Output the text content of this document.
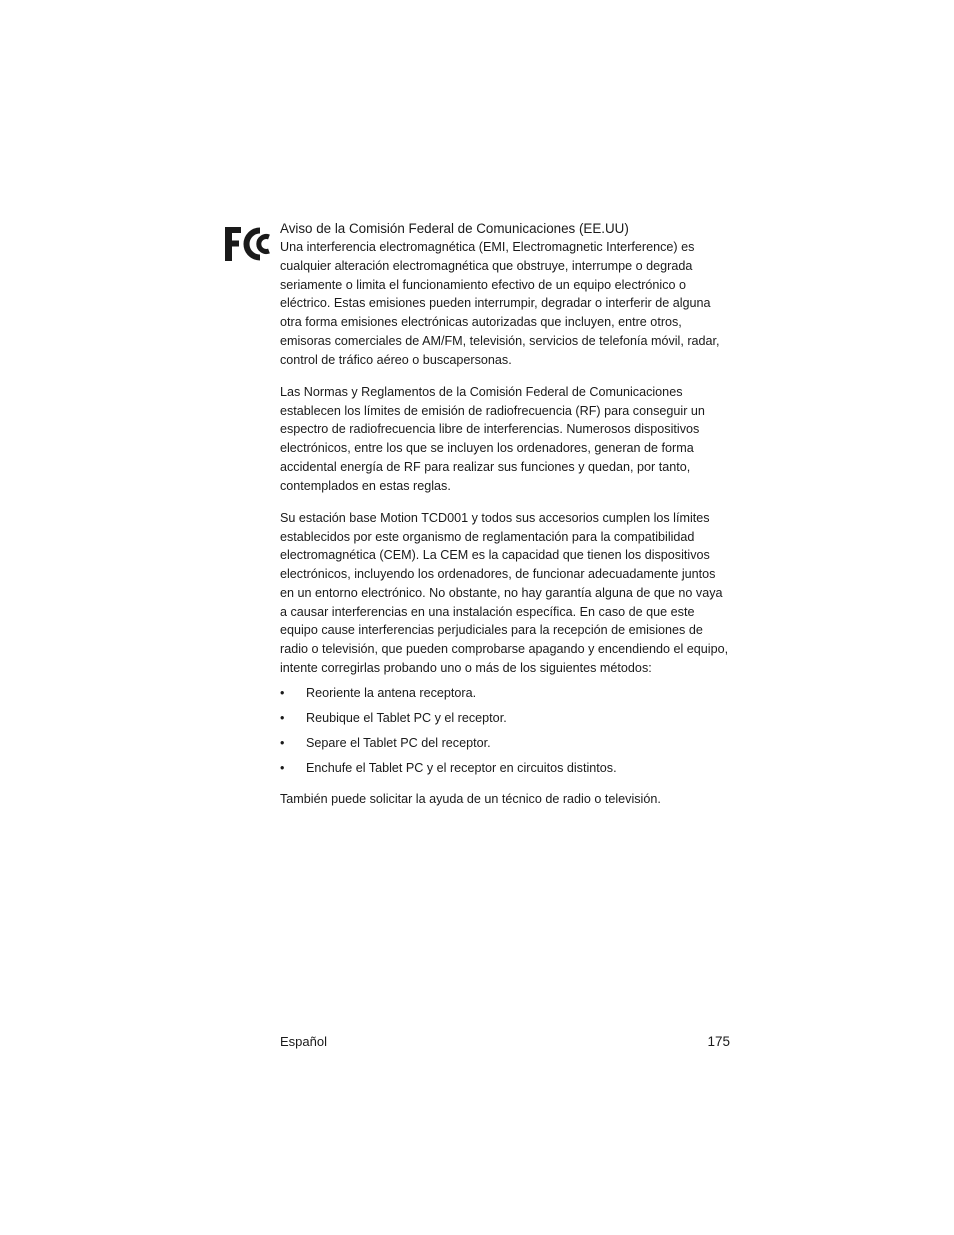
Aviso de la Comisión Federal de Comunicaciones (EE.UU)

Una interferencia electromagnética (EMI, Electromagnetic Interference) es cualquier alteración electromagnética que obstruye, interrumpe o degrada seriamente o limita el funcionamiento efectivo de un equipo electrónico o eléctrico. Estas emisiones pueden interrumpir, degradar o interferir de alguna otra forma emisiones electrónicas autorizadas que incluyen, entre otros, emisoras comerciales de AM/FM, televisión, servicios de telefonía móvil, radar, control de tráfico aéreo o buscapersonas.

Las Normas y Reglamentos de la Comisión Federal de Comunicaciones establecen los límites de emisión de radiofrecuencia (RF) para conseguir un espectro de radiofrecuencia libre de interferencias. Numerosos dispositivos electrónicos, entre los que se incluyen los ordenadores, generan de forma accidental energía de RF para realizar sus funciones y quedan, por tanto, contemplados en estas reglas.

Su estación base Motion TCD001 y todos sus accesorios cumplen los límites establecidos por este organismo de reglamentación para la compatibilidad electromagnética (CEM). La CEM es la capacidad que tienen los dispositivos electrónicos, incluyendo los ordenadores, de funcionar adecuadamente juntos en un entorno electrónico. No obstante, no hay garantía alguna de que no vaya a causar interferencias en una instalación específica. En caso de que este equipo cause interferencias perjudiciales para la recepción de emisiones de radio o televisión, que pueden comprobarse apagando y encendiendo el equipo, intente corregirlas probando uno o más de los siguientes métodos:

• Reoriente la antena receptora.
• Reubique el Tablet PC y el receptor.
• Separe el Tablet PC del receptor.
• Enchufe el Tablet PC y el receptor en circuitos distintos.

También puede solicitar la ayuda de un técnico de radio o televisión.

Español	175
